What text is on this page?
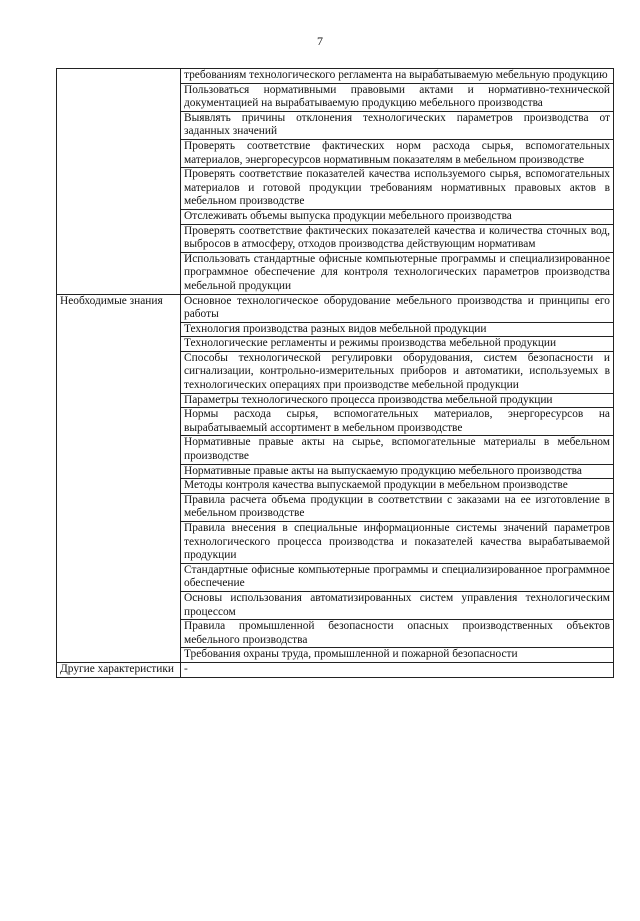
7
	требованиям технологического регламента на вырабатываемую мебельную продукцию
	Пользоваться нормативными правовыми актами и нормативно-технической документацией на вырабатываемую продукцию мебельного производства
	Выявлять причины отклонения технологических параметров производства от заданных значений
	Проверять соответствие фактических норм расхода сырья, вспомогательных материалов, энергоресурсов нормативным показателям в мебельном производстве
	Проверять соответствие показателей качества используемого сырья, вспомогательных материалов и готовой продукции требованиям нормативных правовых актов в мебельном производстве
	Отслеживать объемы выпуска продукции мебельного производства
	Проверять соответствие фактических показателей качества и количества сточных вод, выбросов в атмосферу, отходов производства действующим нормативам
	Использовать стандартные офисные компьютерные программы и специализированное программное обеспечение для контроля технологических параметров производства мебельной продукции
Необходимые знания	Основное технологическое оборудование мебельного производства и принципы его работы
	Технология производства разных видов мебельной продукции
	Технологические регламенты и режимы производства мебельной продукции
	Способы технологической регулировки оборудования, систем безопасности и сигнализации, контрольно-измерительных приборов и автоматики, используемых в технологических операциях при производстве мебельной продукции
	Параметры технологического процесса производства мебельной продукции
	Нормы расхода сырья, вспомогательных материалов, энергоресурсов на вырабатываемый ассортимент в мебельном производстве
	Нормативные правые акты на сырье, вспомогательные материалы в мебельном производстве
	Нормативные правые акты на выпускаемую продукцию мебельного производства
	Методы контроля качества выпускаемой продукции в мебельном производстве
	Правила расчета объема продукции в соответствии с заказами на ее изготовление в мебельном производстве
	Правила внесения в специальные информационные системы значений параметров технологического процесса производства и показателей качества вырабатываемой продукции
	Стандартные офисные компьютерные программы и специализированное программное обеспечение
	Основы использования автоматизированных систем управления технологическим процессом
	Правила промышленной безопасности опасных производственных объектов мебельного производства
	Требования охраны труда, промышленной и пожарной безопасности
Другие характеристики	-
